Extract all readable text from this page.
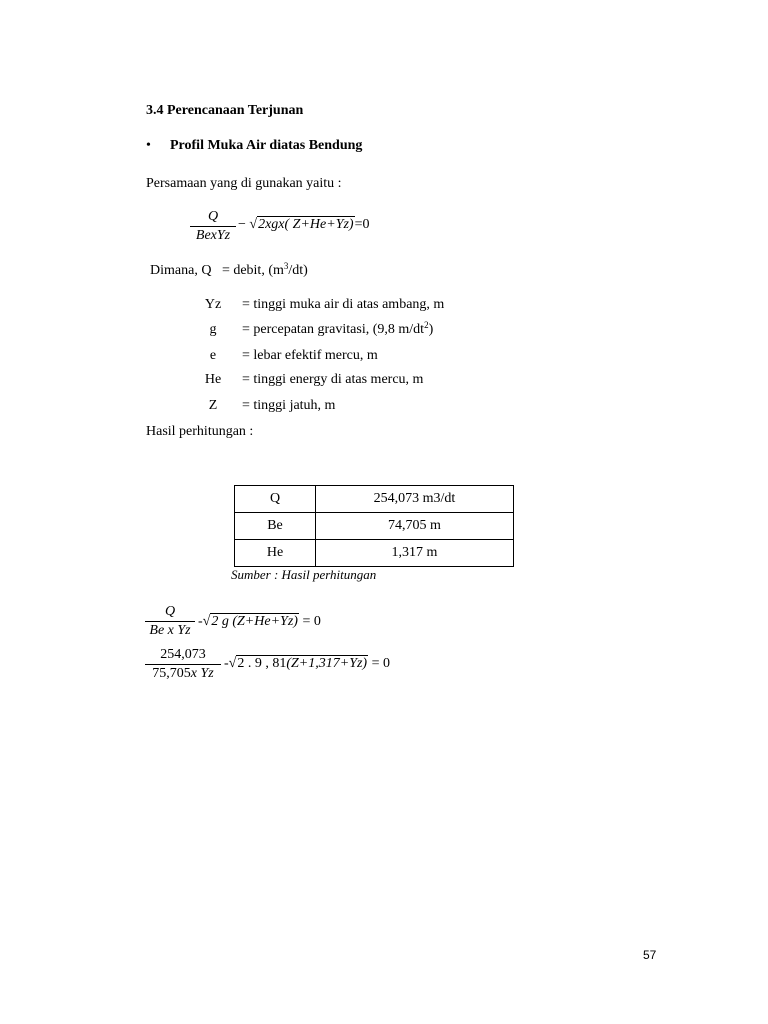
3.4 Perencanaan Terjunan
• Profil Muka Air diatas Bendung
Persamaan yang di gunakan yaitu :
Q
BexYz
− √2xgx( Z+He+Yz)=0
Dimana, Q = debit, $(m^3/dt)$
Yz	= tinggi muka air di atas ambang, m
g	= percepatan gravitasi, (9,8 $m/dt^2$)
e	= lebar efektif mercu, m
He	= tinggi energy di atas mercu, m
Z	= tinggi jatuh, m
Hasil perhitungan :
Q	254,073 m3/dt
Be	74,705 m
He	1,317 m
Sumber : Hasil perhitungan
Q
Be x Yz
-√2 g (Z+He+Yz) = 0
254,073
75,705x Yz
-√2 . 9 , 81(Z+1,317+Yz) = 0
57
